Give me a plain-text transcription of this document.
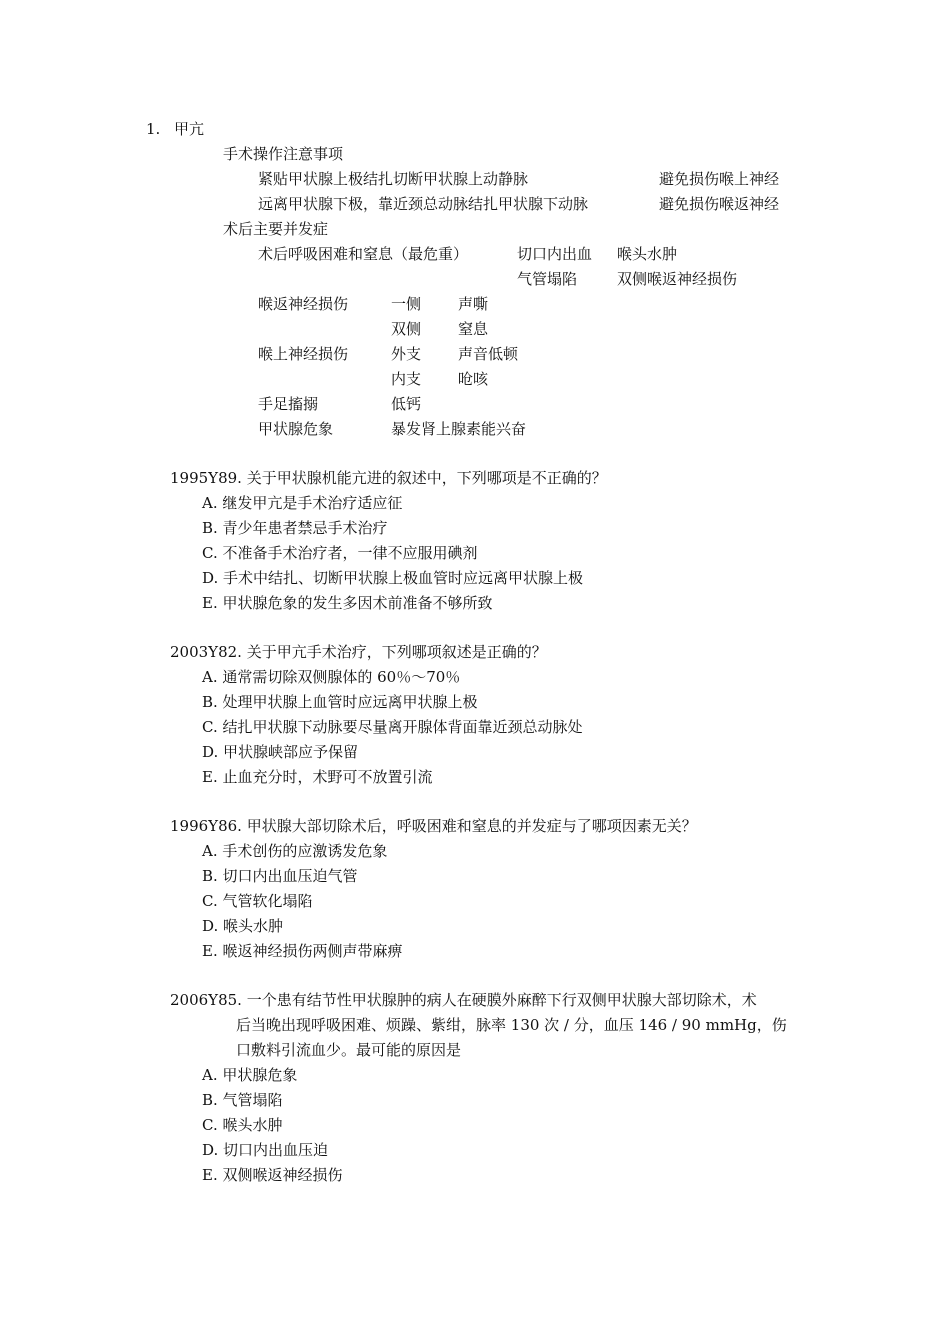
1. 甲亢
手术操作注意事项
紧贴甲状腺上极结扎切断甲状腺上动静脉	避免损伤喉上神经
远离甲状腺下极，靠近颈总动脉结扎甲状腺下动脉	避免损伤喉返神经
术后主要并发症
术后呼吸困难和窒息（最危重）	切口内出血 喉头水肿
气管塌陷	双侧喉返神经损伤
喉返神经损伤	一侧 声嘶
双侧 窒息
喉上神经损伤	外支 声音低顿
内支 呛咳
手足搐搦	低钙
甲状腺危象	暴发肾上腺素能兴奋
1995Y89. 关于甲状腺机能亢进的叙述中，下列哪项是不正确的？
A. 继发甲亢是手术治疗适应征
B. 青少年患者禁忌手术治疗
C. 不准备手术治疗者，一律不应服用碘剂
D. 手术中结扎、切断甲状腺上极血管时应远离甲状腺上极
E. 甲状腺危象的发生多因术前准备不够所致
2003Y82. 关于甲亢手术治疗，下列哪项叙述是正确的？
A. 通常需切除双侧腺体的 60％～70％
B. 处理甲状腺上血管时应远离甲状腺上极
C. 结扎甲状腺下动脉要尽量离开腺体背面靠近颈总动脉处
D. 甲状腺峡部应予保留
E. 止血充分时，术野可不放置引流
1996Y86. 甲状腺大部切除术后，呼吸困难和窒息的并发症与了哪项因素无关？
A. 手术创伤的应激诱发危象
B. 切口内出血压迫气管
C. 气管软化塌陷
D. 喉头水肿
E. 喉返神经损伤两侧声带麻痹
2006Y85. 一个患有结节性甲状腺肿的病人在硬膜外麻醉下行双侧甲状腺大部切除术，术
后当晚出现呼吸困难、烦躁、紫绀，脉率 130 次 / 分，血压 146 / 90 mmHg，伤
口敷料引流血少。最可能的原因是
A. 甲状腺危象
B. 气管塌陷
C. 喉头水肿
D. 切口内出血压迫
E. 双侧喉返神经损伤
